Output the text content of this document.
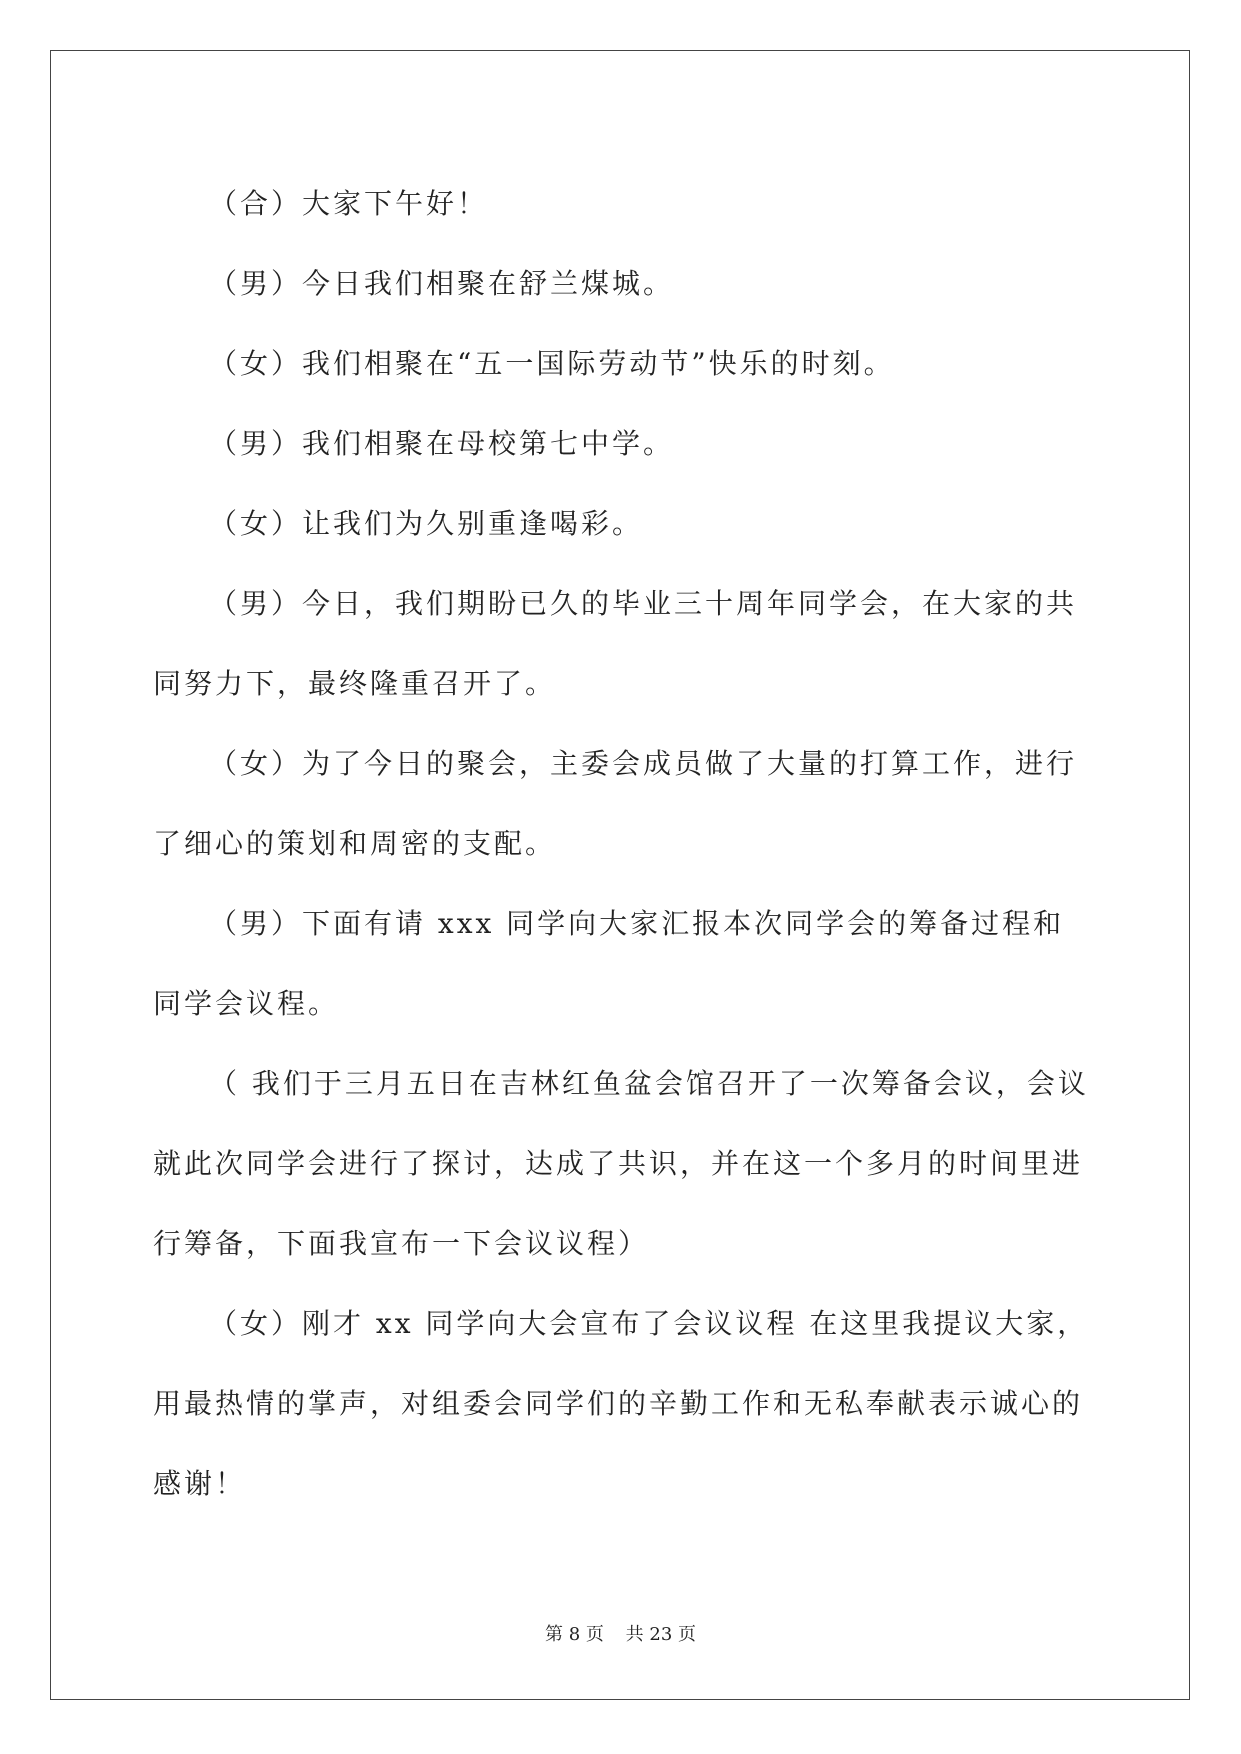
（合）大家下午好！

（男）今日我们相聚在舒兰煤城。

（女）我们相聚在“五一国际劳动节”快乐的时刻。

（男）我们相聚在母校第七中学。

（女）让我们为久别重逢喝彩。

（男）今日，我们期盼已久的毕业三十周年同学会，在大家的共同努力下，最终隆重召开了。

（女）为了今日的聚会，主委会成员做了大量的打算工作，进行了细心的策划和周密的支配。

（男）下面有请 xxx 同学向大家汇报本次同学会的筹备过程和同学会议程。

（ 我们于三月五日在吉林红鱼盆会馆召开了一次筹备会议，会议就此次同学会进行了探讨，达成了共识，并在这一个多月的时间里进行筹备，下面我宣布一下会议议程）

（女）刚才 xx 同学向大会宣布了会议议程 在这里我提议大家，用最热情的掌声，对组委会同学们的辛勤工作和无私奉献表示诚心的感谢！

第 8 页 共 23 页
